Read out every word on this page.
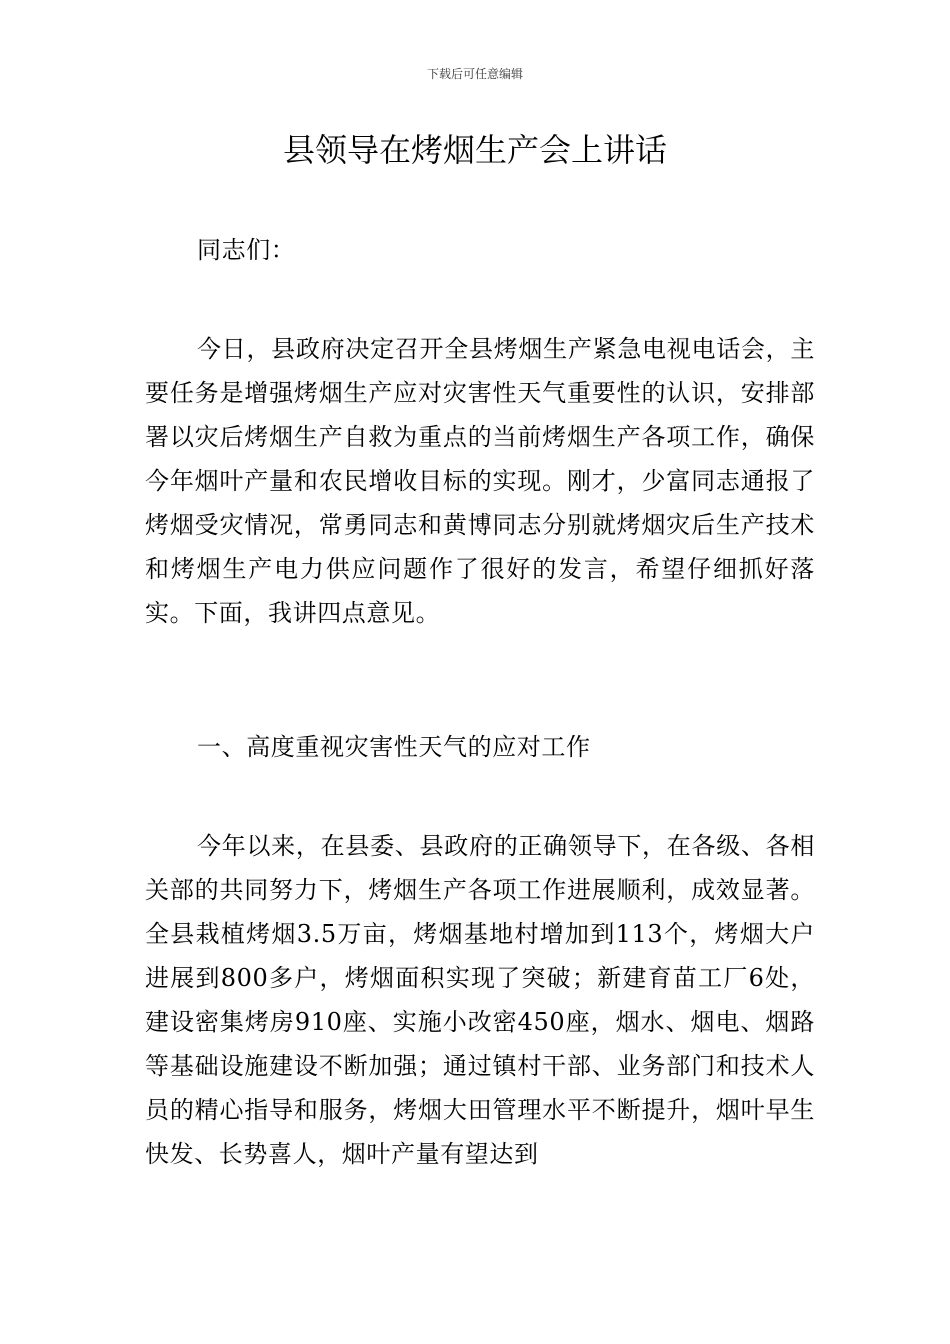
下载后可任意编辑
县领导在烤烟生产会上讲话

同志们：

今日，县政府决定召开全县烤烟生产紧急电视电话会，主要任务是增强烤烟生产应对灾害性天气重要性的认识，安排部署以灾后烤烟生产自救为重点的当前烤烟生产各项工作，确保今年烟叶产量和农民增收目标的实现。刚才，少富同志通报了烤烟受灾情况，常勇同志和黄博同志分别就烤烟灾后生产技术和烤烟生产电力供应问题作了很好的发言，希望仔细抓好落实。下面，我讲四点意见。

一、高度重视灾害性天气的应对工作

今年以来，在县委、县政府的正确领导下，在各级、各相关部的共同努力下，烤烟生产各项工作进展顺利，成效显著。全县栽植烤烟3.5万亩，烤烟基地村增加到113个，烤烟大户进展到800多户，烤烟面积实现了突破；新建育苗工厂6处，建设密集烤房910座、实施小改密450座，烟水、烟电、烟路等基础设施建设不断加强；通过镇村干部、业务部门和技术人员的精心指导和服务，烤烟大田管理水平不断提升，烟叶早生快发、长势喜人，烟叶产量有望达到
